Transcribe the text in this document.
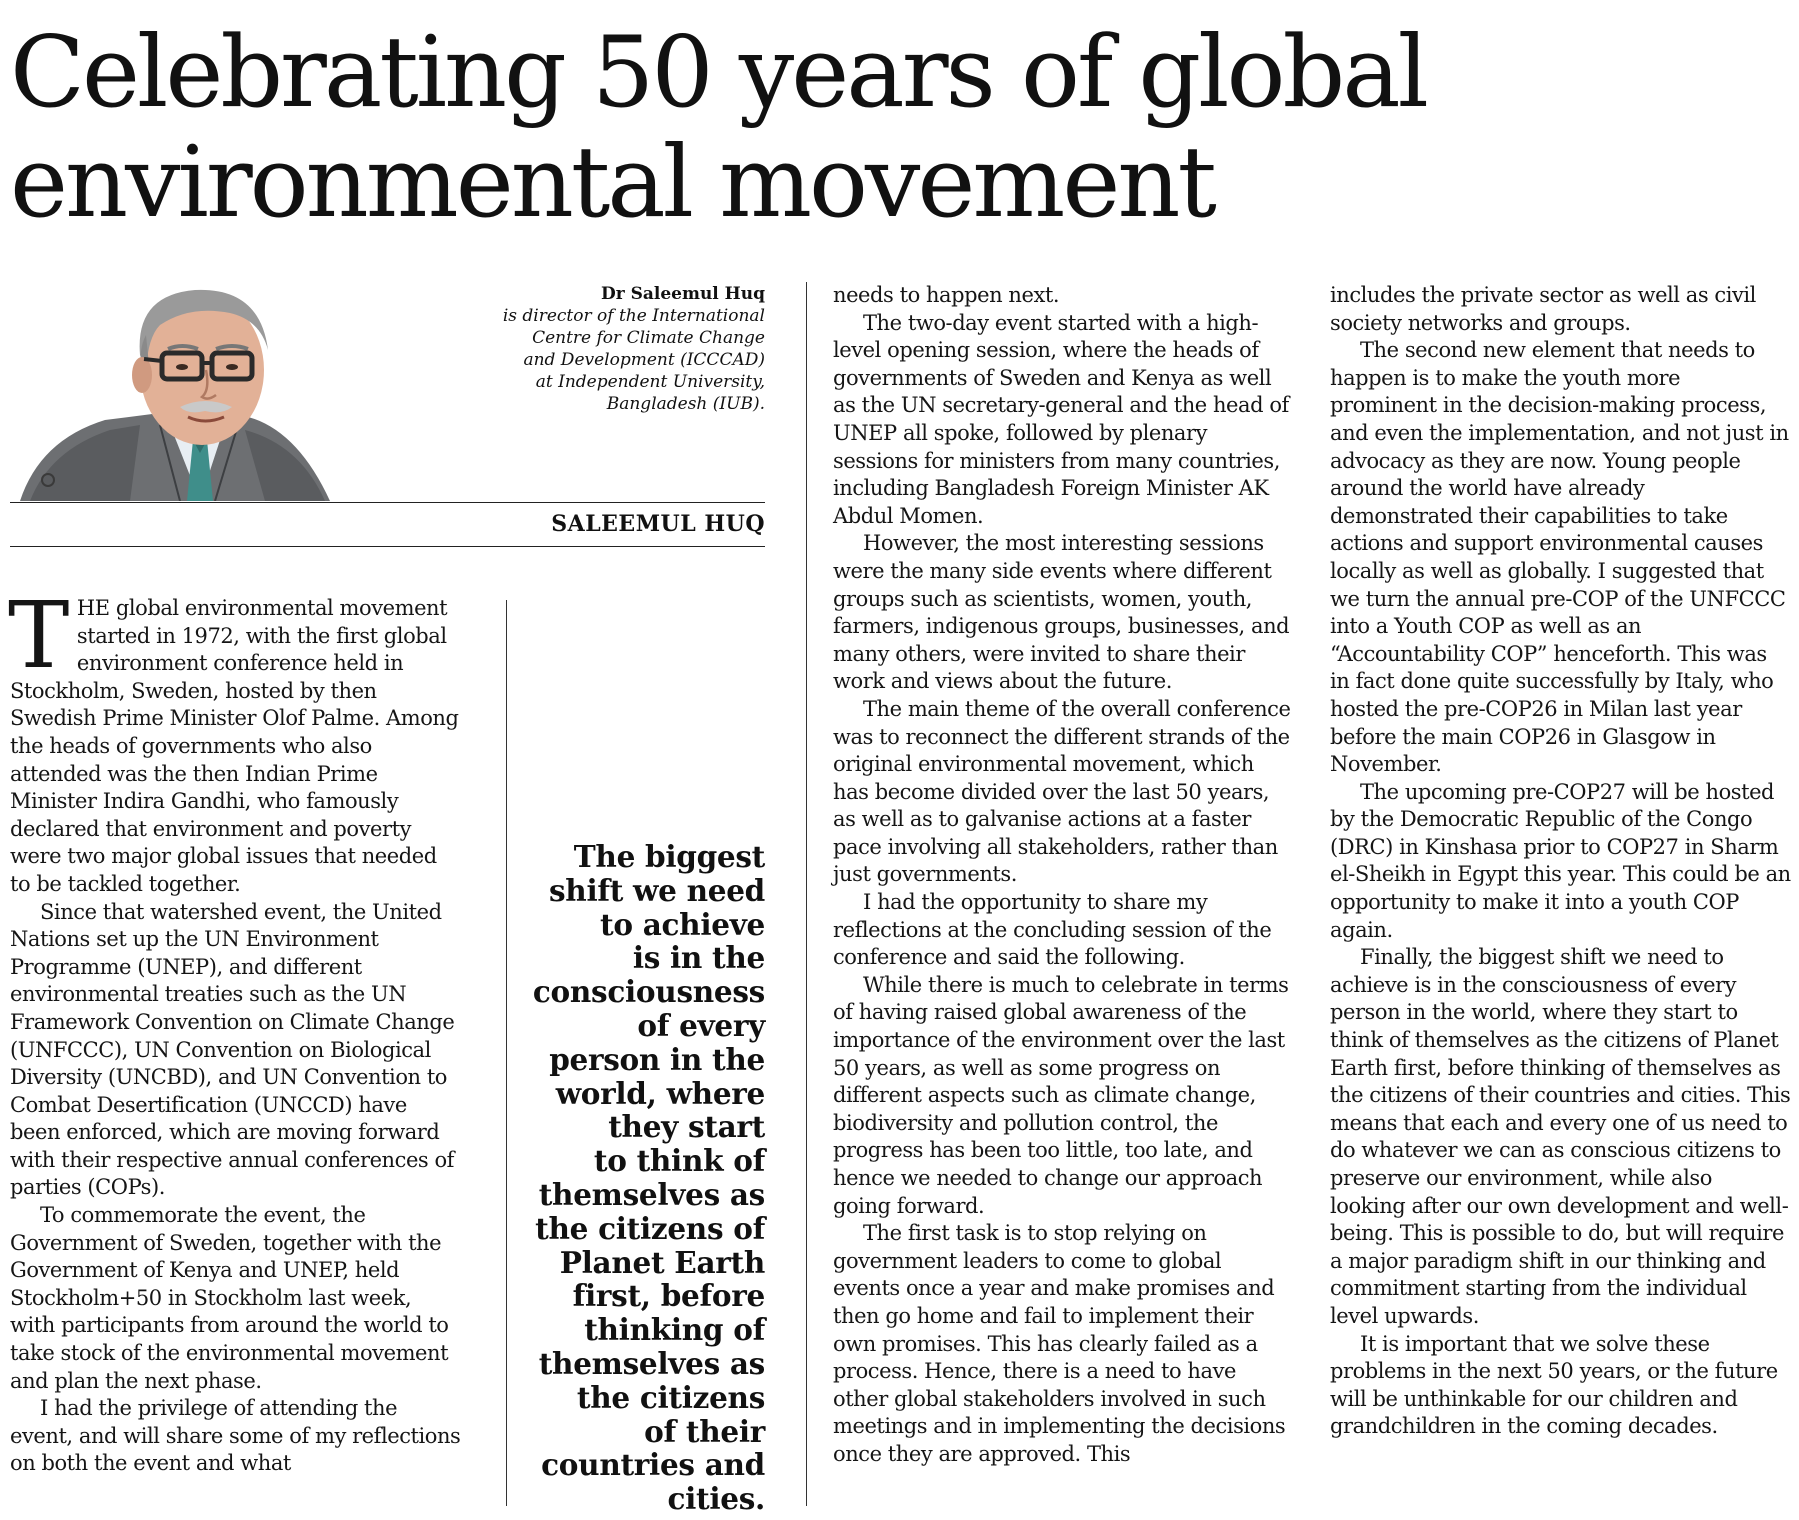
Celebrating 50 years of global
environmental movement
Dr Saleemul Huq
is director of the International
Centre for Climate Change
and Development (ICCCAD)
at Independent University,
Bangladesh (IUB).
SALEEMUL HUQ

THE global environmental movement started in 1972, with the first global environment conference held in Stockholm, Sweden, hosted by then Swedish Prime Minister Olof Palme. Among the heads of governments who also attended was the then Indian Prime Minister Indira Gandhi, who famously declared that environment and poverty were two major global issues that needed to be tackled together.

Since that watershed event, the United Nations set up the UN Environment Programme (UNEP), and different environmental treaties such as the UN Framework Convention on Climate Change (UNFCCC), UN Convention on Biological Diversity (UNCBD), and UN Convention to Combat Desertification (UNCCD) have been enforced, which are moving forward with their respective annual conferences of parties (COPs).

To commemorate the event, the Government of Sweden, together with the Government of Kenya and UNEP, held Stockholm+50 in Stockholm last week, with participants from around the world to take stock of the environmental movement and plan the next phase.

I had the privilege of attending the event, and will share some of my reflections on both the event and what

The biggest
shift we need
to achieve
is in the
consciousness
of every
person in the
world, where
they start
to think of
themselves as
the citizens of
Planet Earth
first, before
thinking of
themselves as
the citizens
of their
countries and
cities.

needs to happen next.

The two-day event started with a high-level opening session, where the heads of governments of Sweden and Kenya as well as the UN secretary-general and the head of UNEP all spoke, followed by plenary sessions for ministers from many countries, including Bangladesh Foreign Minister AK Abdul Momen.

However, the most interesting sessions were the many side events where different groups such as scientists, women, youth, farmers, indigenous groups, businesses, and many others, were invited to share their work and views about the future.

The main theme of the overall conference was to reconnect the different strands of the original environmental movement, which has become divided over the last 50 years, as well as to galvanise actions at a faster pace involving all stakeholders, rather than just governments.

I had the opportunity to share my reflections at the concluding session of the conference and said the following.

While there is much to celebrate in terms of having raised global awareness of the importance of the environment over the last 50 years, as well as some progress on different aspects such as climate change, biodiversity and pollution control, the progress has been too little, too late, and hence we needed to change our approach going forward.

The first task is to stop relying on government leaders to come to global events once a year and make promises and then go home and fail to implement their own promises. This has clearly failed as a process. Hence, there is a need to have other global stakeholders involved in such meetings and in implementing the decisions once they are approved. This

includes the private sector as well as civil society networks and groups.

The second new element that needs to happen is to make the youth more prominent in the decision-making process, and even the implementation, and not just in advocacy as they are now. Young people around the world have already demonstrated their capabilities to take actions and support environmental causes locally as well as globally. I suggested that we turn the annual pre-COP of the UNFCCC into a Youth COP as well as an “Accountability COP” henceforth. This was in fact done quite successfully by Italy, who hosted the pre-COP26 in Milan last year before the main COP26 in Glasgow in November.

The upcoming pre-COP27 will be hosted by the Democratic Republic of the Congo (DRC) in Kinshasa prior to COP27 in Sharm el-Sheikh in Egypt this year. This could be an opportunity to make it into a youth COP again.

Finally, the biggest shift we need to achieve is in the consciousness of every person in the world, where they start to think of themselves as the citizens of Planet Earth first, before thinking of themselves as the citizens of their countries and cities. This means that each and every one of us need to do whatever we can as conscious citizens to preserve our environment, while also looking after our own development and well-being. This is possible to do, but will require a major paradigm shift in our thinking and commitment starting from the individual level upwards.

It is important that we solve these problems in the next 50 years, or the future will be unthinkable for our children and grandchildren in the coming decades.
